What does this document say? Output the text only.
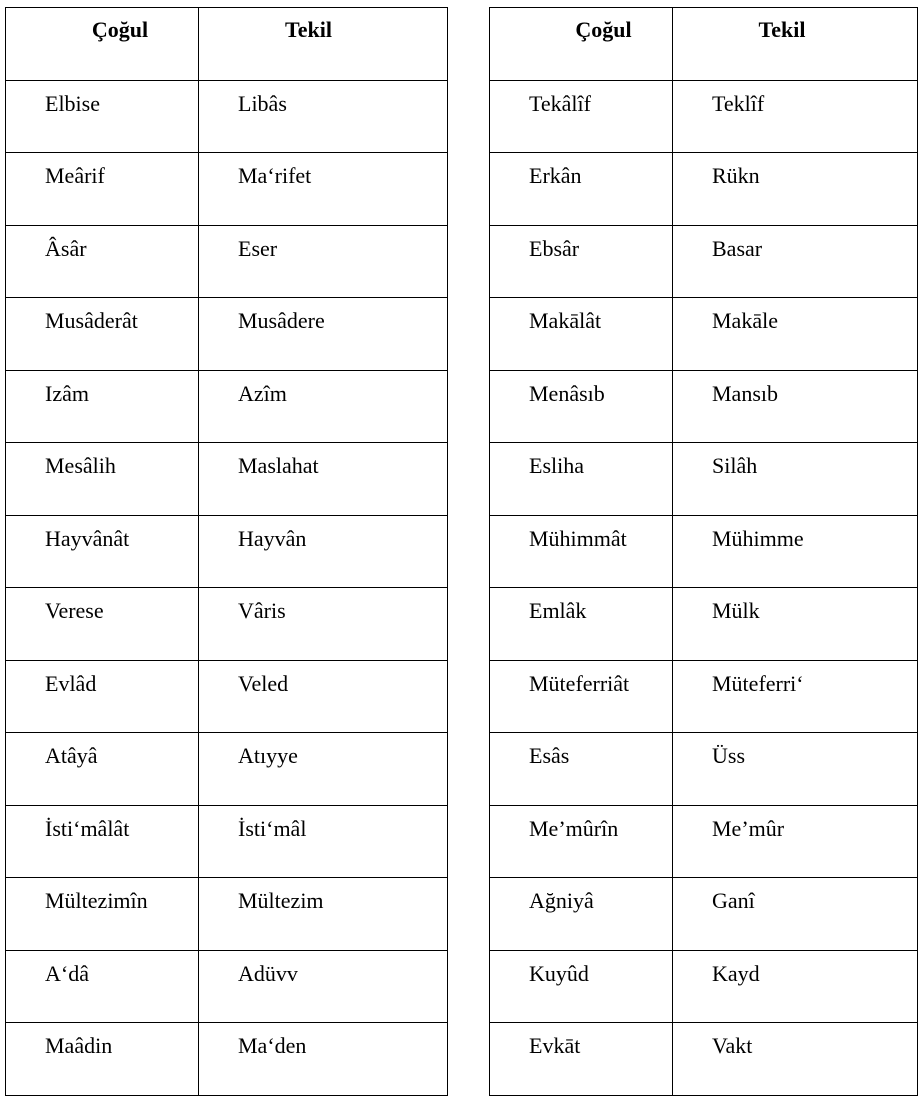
Çoğul	Tekil
Elbise	Libâs
Meârif	Ma‘rifet
Âsâr	Eser
Musâderât	Musâdere
Izâm	Azîm
Mesâlih	Maslahat
Hayvânât	Hayvân
Verese	Vâris
Evlâd	Veled
Atâyâ	Atıyye
İsti‘mâlât	İsti‘mâl
Mültezimîn	Mültezim
A‘dâ	Adüvv
Maâdin	Ma‘den
Çoğul	Tekil
Tekâlîf	Teklîf
Erkân	Rükn
Ebsâr	Basar
Makālât	Makāle
Menâsıb	Mansıb
Esliha	Silâh
Mühimmât	Mühimme
Emlâk	Mülk
Müteferriât	Müteferri‘
Esâs	Üss
Me’mûrîn	Me’mûr
Ağniyâ	Ganî
Kuyûd	Kayd
Evkāt	Vakt
